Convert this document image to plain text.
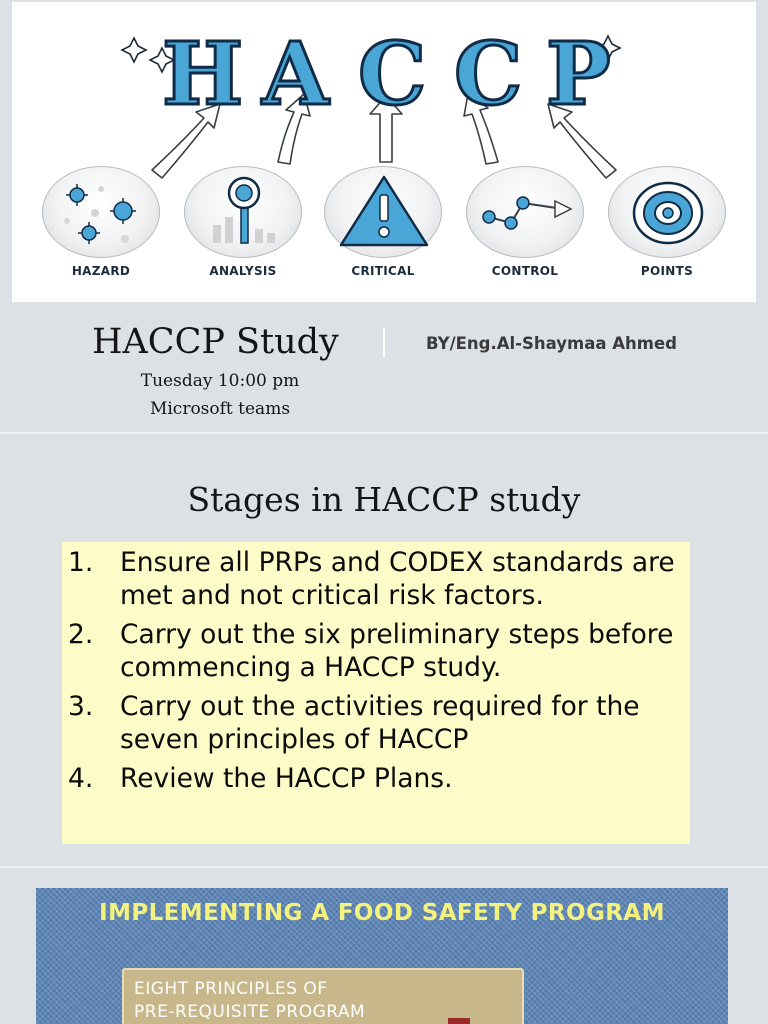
H A C C P
HAZARD	ANALYSIS	CRITICAL	CONTROL	POINTS
HACCP Study	BY/Eng.Al-Shaymaa Ahmed
Tuesday 10:00 pm
Microsoft teams
Stages in HACCP study
1.	Ensure all PRPs and CODEX standards are met and not critical risk factors.
2.	Carry out the six preliminary steps before commencing a HACCP study.
3.	Carry out the activities required for the seven principles of HACCP
4.	Review the HACCP Plans.
IMPLEMENTING A FOOD SAFETY PROGRAM
EIGHT PRINCIPLES OF
PRE-REQUISITE PROGRAM
